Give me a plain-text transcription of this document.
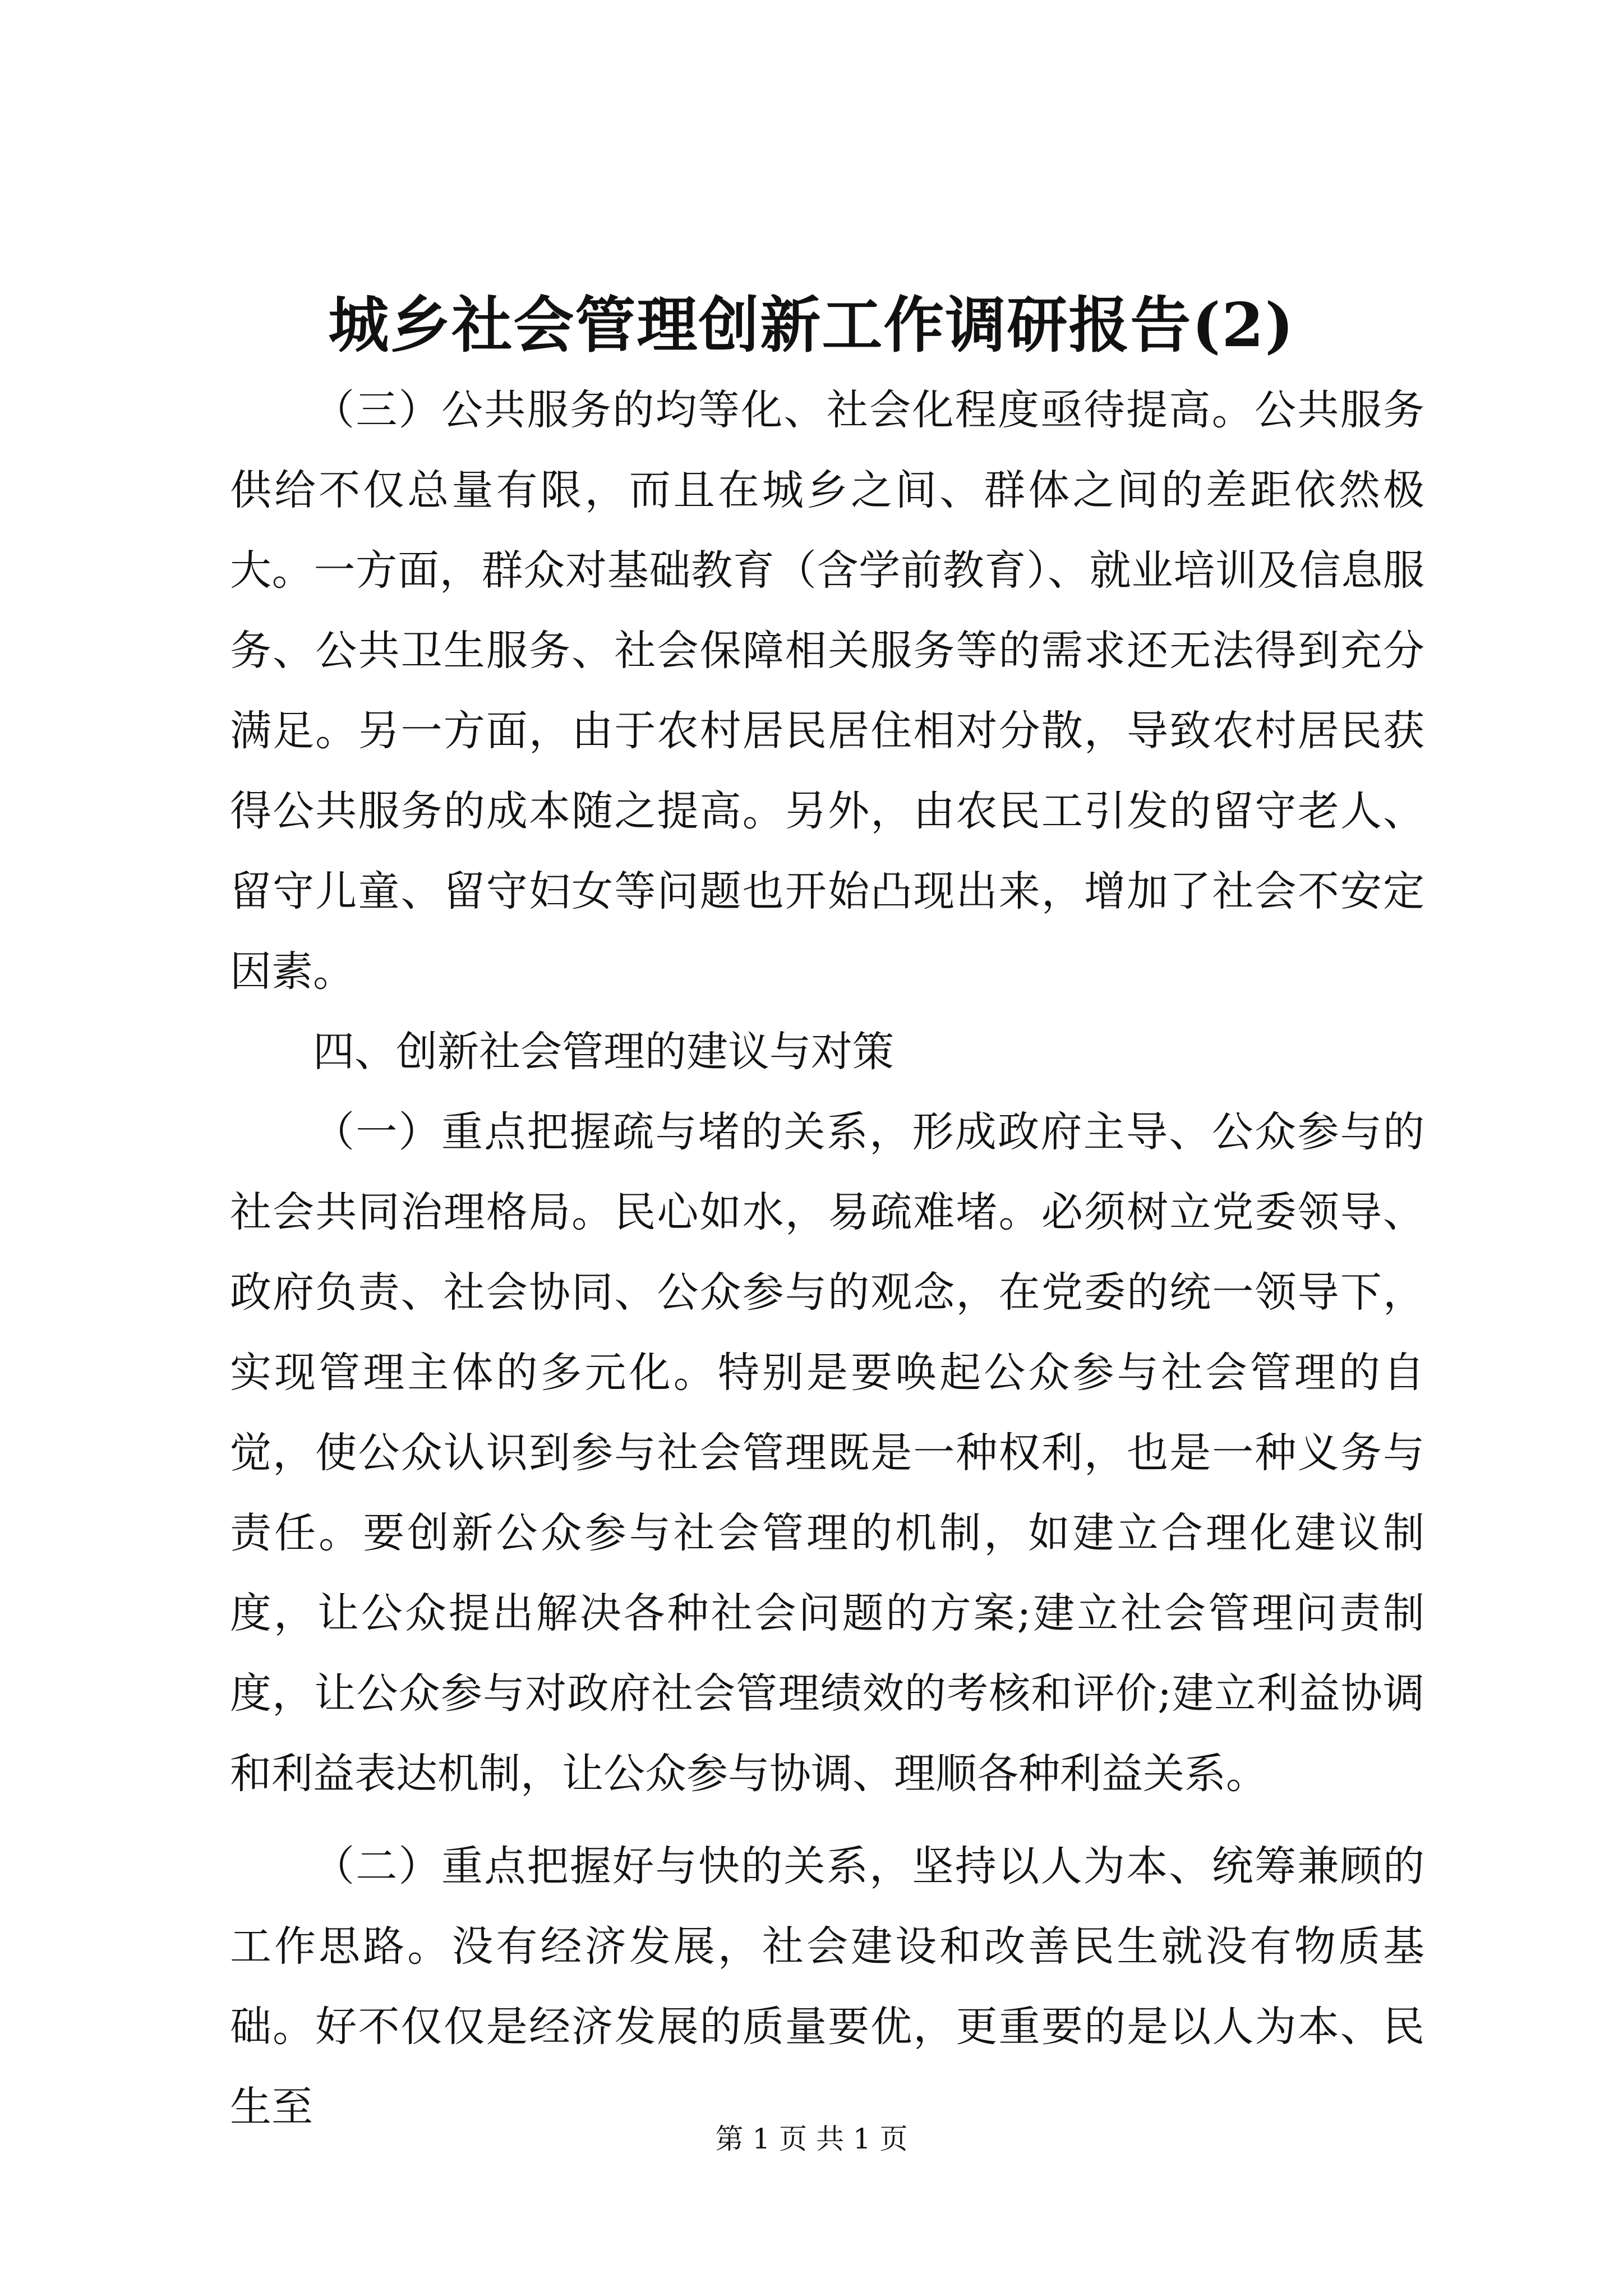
城乡社会管理创新工作调研报告(2)

（三）公共服务的均等化、社会化程度亟待提高。公共服务供给不仅总量有限，而且在城乡之间、群体之间的差距依然极大。一方面，群众对基础教育（含学前教育）、就业培训及信息服务、公共卫生服务、社会保障相关服务等的需求还无法得到充分满足。另一方面，由于农村居民居住相对分散，导致农村居民获得公共服务的成本随之提高。另外，由农民工引发的留守老人、留守儿童、留守妇女等问题也开始凸现出来，增加了社会不安定因素。

四、创新社会管理的建议与对策

（一）重点把握疏与堵的关系，形成政府主导、公众参与的社会共同治理格局。民心如水，易疏难堵。必须树立党委领导、政府负责、社会协同、公众参与的观念，在党委的统一领导下，实现管理主体的多元化。特别是要唤起公众参与社会管理的自觉，使公众认识到参与社会管理既是一种权利，也是一种义务与责任。要创新公众参与社会管理的机制，如建立合理化建议制度，让公众提出解决各种社会问题的方案;建立社会管理问责制度，让公众参与对政府社会管理绩效的考核和评价;建立利益协调和利益表达机制，让公众参与协调、理顺各种利益关系。

（二）重点把握好与快的关系，坚持以人为本、统筹兼顾的工作思路。没有经济发展，社会建设和改善民生就没有物质基础。好不仅仅是经济发展的质量要优，更重要的是以人为本、民生至

第 1 页 共 1 页
